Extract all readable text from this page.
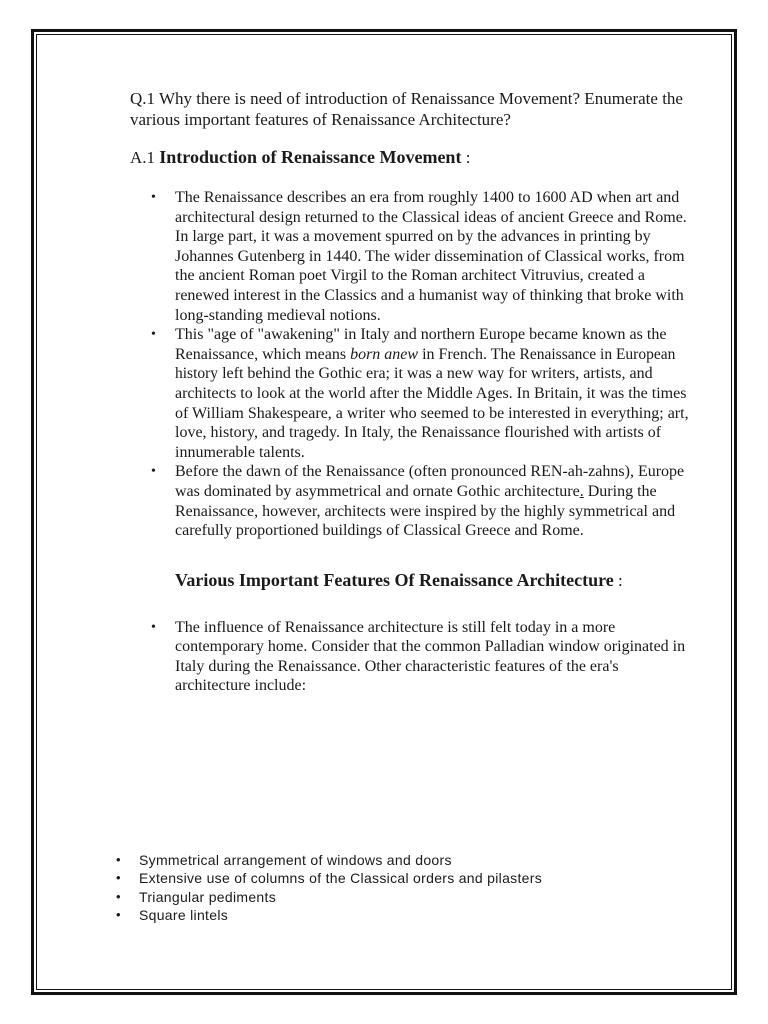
Q.1 Why there is need of introduction of Renaissance Movement? Enumerate the various important features of Renaissance Architecture?

A.1 Introduction of Renaissance Movement :

• The Renaissance describes an era from roughly 1400 to 1600 AD when art and architectural design returned to the Classical ideas of ancient Greece and Rome. In large part, it was a movement spurred on by the advances in printing by Johannes Gutenberg in 1440. The wider dissemination of Classical works, from the ancient Roman poet Virgil to the Roman architect Vitruvius, created a renewed interest in the Classics and a humanist way of thinking that broke with long-standing medieval notions.
• This "age of "awakening" in Italy and northern Europe became known as the Renaissance, which means born anew in French. The Renaissance in European history left behind the Gothic era; it was a new way for writers, artists, and architects to look at the world after the Middle Ages. In Britain, it was the times of William Shakespeare, a writer who seemed to be interested in everything; art, love, history, and tragedy. In Italy, the Renaissance flourished with artists of innumerable talents.
• Before the dawn of the Renaissance (often pronounced REN-ah-zahns), Europe was dominated by asymmetrical and ornate Gothic architecture. During the Renaissance, however, architects were inspired by the highly symmetrical and carefully proportioned buildings of Classical Greece and Rome.
Various Important Features Of Renaissance Architecture :
• The influence of Renaissance architecture is still felt today in a more contemporary home. Consider that the common Palladian window originated in Italy during the Renaissance. Other characteristic features of the era's architecture include:
• Symmetrical arrangement of windows and doors
• Extensive use of columns of the Classical orders and pilasters
• Triangular pediments
• Square lintels
